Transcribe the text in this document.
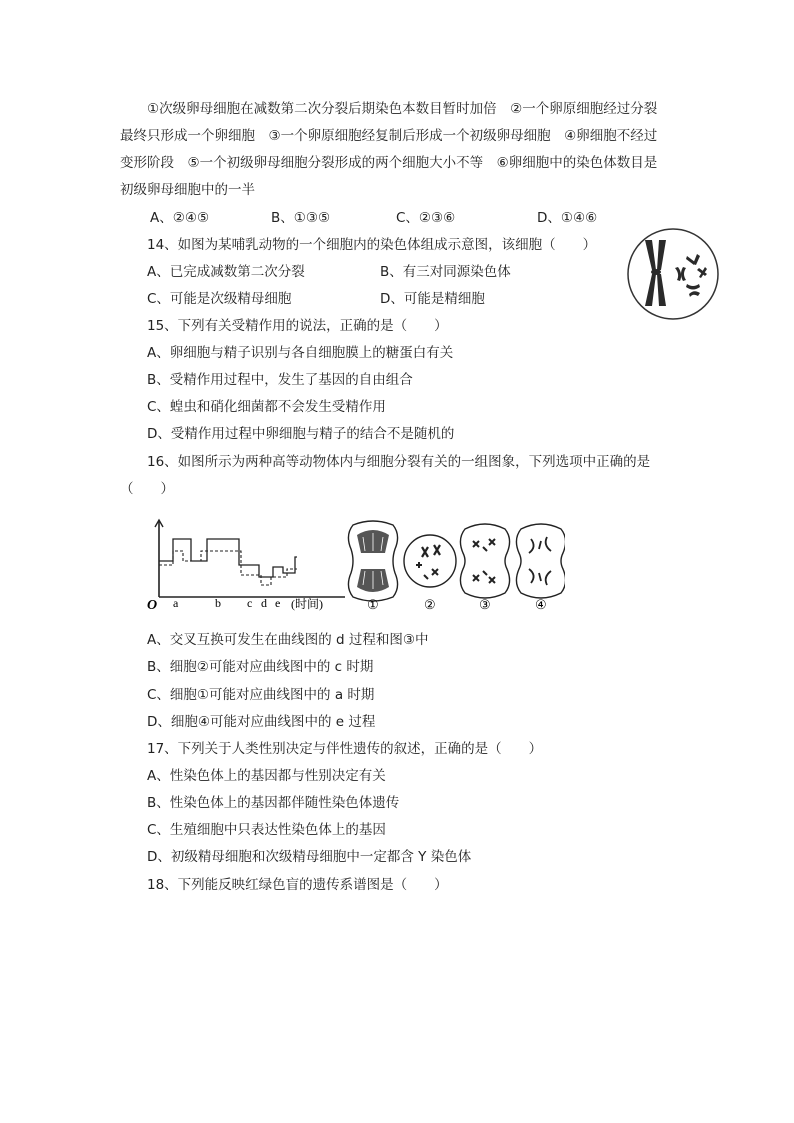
①次级卵母细胞在减数第二次分裂后期染色本数目暂时加倍　②一个卵原细胞经过分裂
最终只形成一个卵细胞　③一个卵原细胞经复制后形成一个初级卵母细胞　④卵细胞不经过
变形阶段　⑤一个初级卵母细胞分裂形成的两个细胞大小不等　⑥卵细胞中的染色体数目是
初级卵母细胞中的一半
A、②④⑤	B、①③⑤	C、②③⑥	D、①④⑥
14、如图为某哺乳动物的一个细胞内的染色体组成示意图，该细胞（　　）
A、已完成减数第二次分裂	B、有三对同源染色体
C、可能是次级精母细胞	D、可能是精细胞
15、下列有关受精作用的说法，正确的是（　　）
A、卵细胞与精子识别与各自细胞膜上的糖蛋白有关
B、受精作用过程中，发生了基因的自由组合
C、蝗虫和硝化细菌都不会发生受精作用
D、受精作用过程中卵细胞与精子的结合不是随机的
16、如图所示为两种高等动物体内与细胞分裂有关的一组图象，下列选项中正确的是
（　　）
O a	b c d e (时间)	①	②	③	④
A、交叉互换可发生在曲线图的 d 过程和图③中
B、细胞②可能对应曲线图中的 c 时期
C、细胞①可能对应曲线图中的 a 时期
D、细胞④可能对应曲线图中的 e 过程
17、下列关于人类性别决定与伴性遗传的叙述，正确的是（　　）
A、性染色体上的基因都与性别决定有关
B、性染色体上的基因都伴随性染色体遗传
C、生殖细胞中只表达性染色体上的基因
D、初级精母细胞和次级精母细胞中一定都含 Y 染色体
18、下列能反映红绿色盲的遗传系谱图是（　　）
